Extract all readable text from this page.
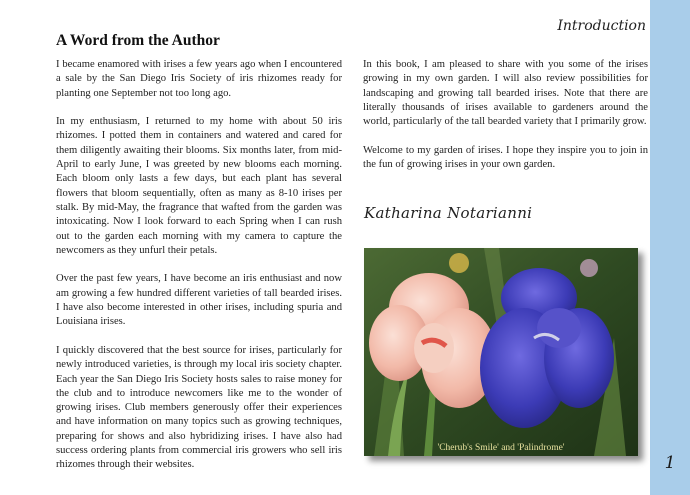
Introduction
1
A Word from the Author

I became enamored with irises a few years ago when I encountered a sale by the San Diego Iris Society of iris rhizomes ready for planting one September not too long ago.

In my enthusiasm, I returned to my home with about 50 iris rhizomes. I potted them in containers and watered and cared for them diligently awaiting their blooms. Six months later, from mid-April to early June, I was greeted by new blooms each morning. Each bloom only lasts a few days, but each plant has several flowers that bloom sequentially, often as many as 8-10 irises per stalk. By mid-May, the fragrance that wafted from the garden was intoxicating. Now I look forward to each Spring when I can rush out to the garden each morning with my camera to capture the newcomers as they unfurl their petals.

Over the past few years, I have become an iris enthusiast and now am growing a few hundred different varieties of tall bearded irises. I have also become interested in other irises, including spuria and Louisiana irises.

I quickly discovered that the best source for irises, particularly for newly introduced varieties, is through my local iris society chapter. Each year the San Diego Iris Society hosts sales to raise money for the club and to introduce newcomers like me to the wonder of growing irises. Club members generously offer their experiences and have information on many topics such as growing techniques, preparing for shows and also hybridizing irises. I have also had success ordering plants from commercial iris growers who sell iris rhizomes through their websites.

In this book, I am pleased to share with you some of the irises growing in my own garden. I will also review possibilities for landscaping and growing tall bearded irises. Note that there are literally thousands of irises available to gardeners around the world, particularly of the tall bearded variety that I primarily grow.

Welcome to my garden of irises. I hope they inspire you to join in the fun of growing irises in your own garden.

Katharina Notarianni
'Cherub's Smile' and 'Palindrome'
